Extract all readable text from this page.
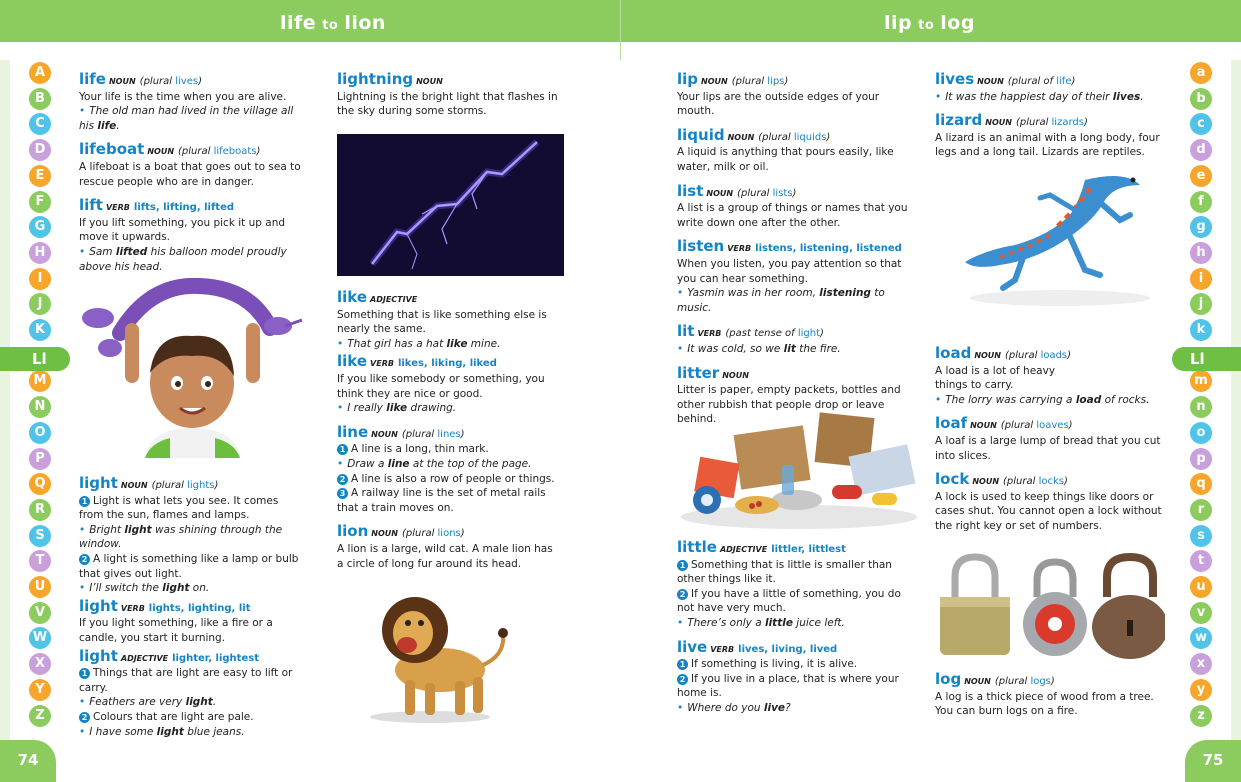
life to lion	lip to log
A
B
C
D
E
F
G
H
I
J
K
M
N
O
P
Q
R
S
T
U
V
W
X
Y
Z
a
b
c
d
e
f
g
h
i
j
k
m
n
o
p
q
r
s
t
u
v
w
x
y
z
Ll	Ll
74	75
life NOUN (plural lives)
Your life is the time when you are alive.
• The old man had lived in the village all his life.
lifeboat NOUN (plural lifeboats)
A lifeboat is a boat that goes out to sea to rescue people who are in danger.
lift VERB lifts, lifting, lifted
If you lift something, you pick it up and move it upwards.
• Sam lifted his balloon model proudly above his head.
light NOUN (plural lights)
1 Light is what lets you see. It comes from the sun, flames and lamps.
• Bright light was shining through the window.
2 A light is something like a lamp or bulb that gives out light.
• I’ll switch the light on.
light VERB lights, lighting, lit
If you light something, like a fire or a candle, you start it burning.
light ADJECTIVE lighter, lightest
1 Things that are light are easy to lift or carry.
• Feathers are very light.
2 Colours that are light are pale.
• I have some light blue jeans.
lightning NOUN
Lightning is the bright light that flashes in the sky during some storms.
like ADJECTIVE
Something that is like something else is nearly the same.
• That girl has a hat like mine.
like VERB likes, liking, liked
If you like somebody or something, you think they are nice or good.
• I really like drawing.
line NOUN (plural lines)
1 A line is a long, thin mark.
• Draw a line at the top of the page.
2 A line is also a row of people or things.
3 A railway line is the set of metal rails that a train moves on.
lion NOUN (plural lions)
A lion is a large, wild cat. A male lion has a circle of long fur around its head.
lip NOUN (plural lips)
Your lips are the outside edges of your mouth.
liquid NOUN (plural liquids)
A liquid is anything that pours easily, like water, milk or oil.
list NOUN (plural lists)
A list is a group of things or names that you write down one after the other.
listen VERB listens, listening, listened
When you listen, you pay attention so that you can hear something.
• Yasmin was in her room, listening to music.
lit VERB (past tense of light)
• It was cold, so we lit the fire.
litter NOUN
Litter is paper, empty packets, bottles and other rubbish that people drop or leave behind.
little ADJECTIVE littler, littlest
1 Something that is little is smaller than other things like it.
2 If you have a little of something, you do not have very much.
• There’s only a little juice left.
live VERB lives, living, lived
1 If something is living, it is alive.
2 If you live in a place, that is where your home is.
• Where do you live?
lives NOUN (plural of life)
• It was the happiest day of their lives.
lizard NOUN (plural lizards)
A lizard is an animal with a long body, four legs and a long tail. Lizards are reptiles.
load NOUN (plural loads)
A load is a lot of heavy things to carry.
• The lorry was carrying a load of rocks.
loaf NOUN (plural loaves)
A loaf is a large lump of bread that you cut into slices.
lock NOUN (plural locks)
A lock is used to keep things like doors or cases shut. You cannot open a lock without the right key or set of numbers.
log NOUN (plural logs)
A log is a thick piece of wood from a tree. You can burn logs on a fire.
